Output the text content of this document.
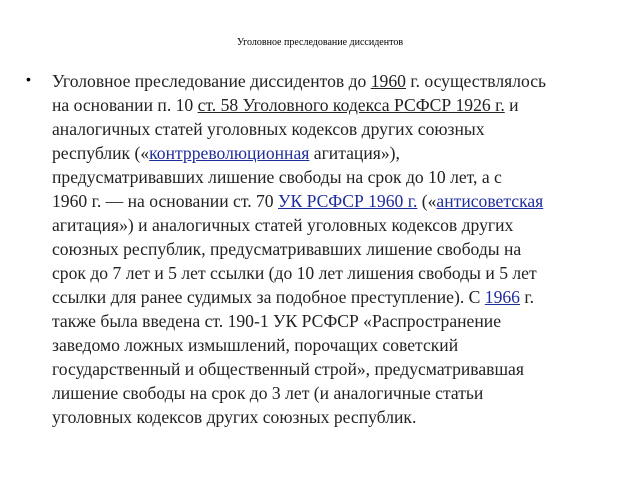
Уголовное преследование диссидентов
• Уголовное преследование диссидентов до 1960 г. осуществлялось
на основании п. 10 ст. 58 Уголовного кодекса РСФСР 1926 г. и
аналогичных статей уголовных кодексов других союзных
республик («контрреволюционная агитация»),
предусматривавших лишение свободы на срок до 10 лет, а с
1960 г. — на основании ст. 70 УК РСФСР 1960 г. («антисоветская
агитация») и аналогичных статей уголовных кодексов других
союзных республик, предусматривавших лишение свободы на
срок до 7 лет и 5 лет ссылки (до 10 лет лишения свободы и 5 лет
ссылки для ранее судимых за подобное преступление). С 1966 г.
также была введена ст. 190-1 УК РСФСР «Распространение
заведомо ложных измышлений, порочащих советский
государственный и общественный строй», предусматривавшая
лишение свободы на срок до 3 лет (и аналогичные статьи
уголовных кодексов других союзных республик.
